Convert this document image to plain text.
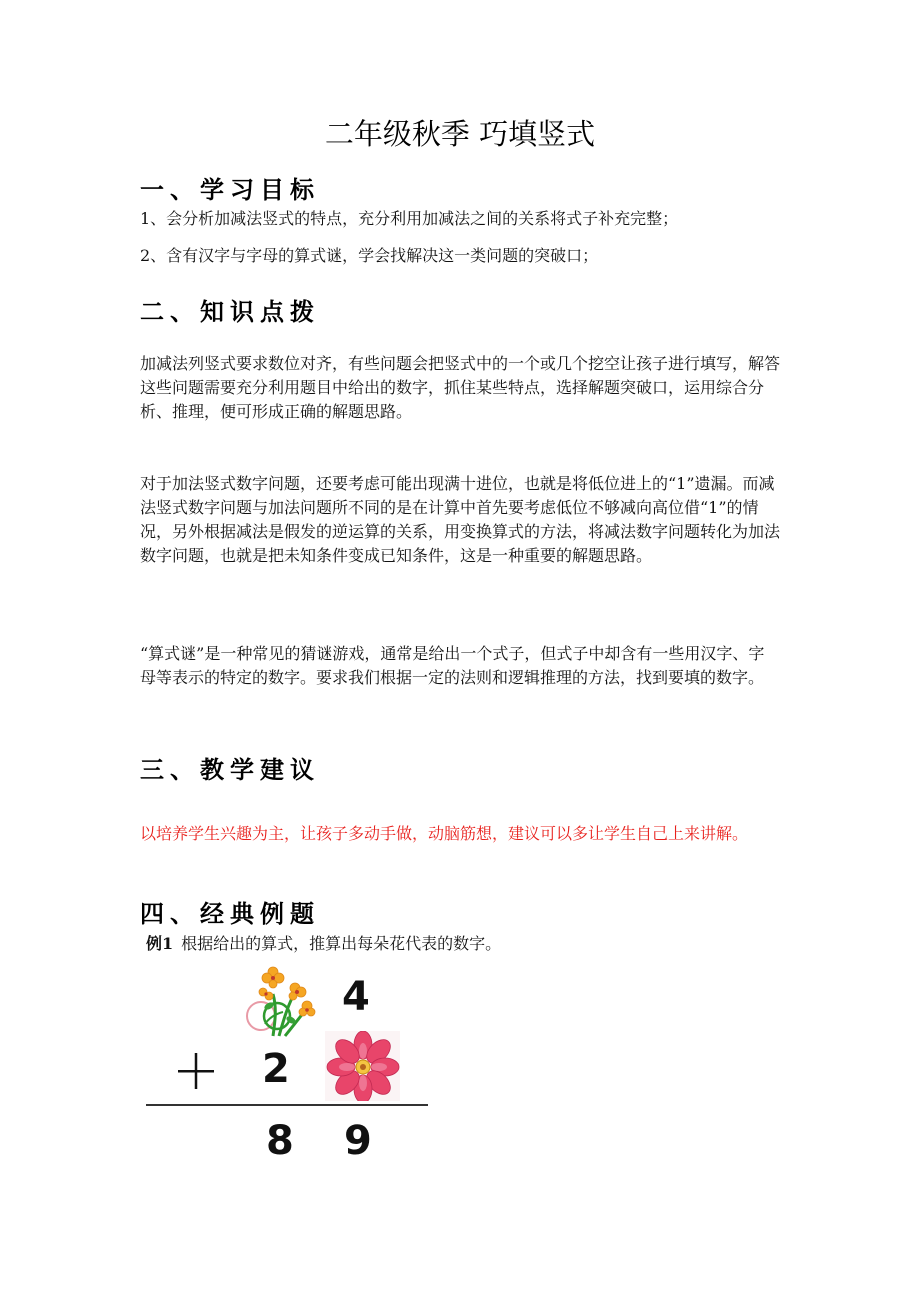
二年级秋季 巧填竖式
一、学习目标
1、会分析加减法竖式的特点，充分利用加减法之间的关系将式子补充完整；
2、含有汉字与字母的算式谜，学会找解决这一类问题的突破口；
二、知识点拨

加减法列竖式要求数位对齐，有些问题会把竖式中的一个或几个挖空让孩子进行填写，解答这些问题需要充分利用题目中给出的数字，抓住某些特点，选择解题突破口，运用综合分析、推理，便可形成正确的解题思路。

对于加法竖式数字问题，还要考虑可能出现满十进位，也就是将低位进上的“1”遗漏。而减法竖式数字问题与加法问题所不同的是在计算中首先要考虑低位不够减向高位借“1”的情况，另外根据减法是假发的逆运算的关系，用变换算式的方法，将减法数字问题转化为加法数字问题，也就是把未知条件变成已知条件，这是一种重要的解题思路。

“算式谜”是一种常见的猜谜游戏，通常是给出一个式子，但式子中却含有一些用汉字、字母等表示的特定的数字。要求我们根据一定的法则和逻辑推理的方法，找到要填的数字。

三、教学建议

以培养学生兴趣为主，让孩子多动手做，动脑筋想，建议可以多让学生自己上来讲解。

四、经典例题
例1 根据给出的算式，推算出每朵花代表的数字。
4
2
8 9
